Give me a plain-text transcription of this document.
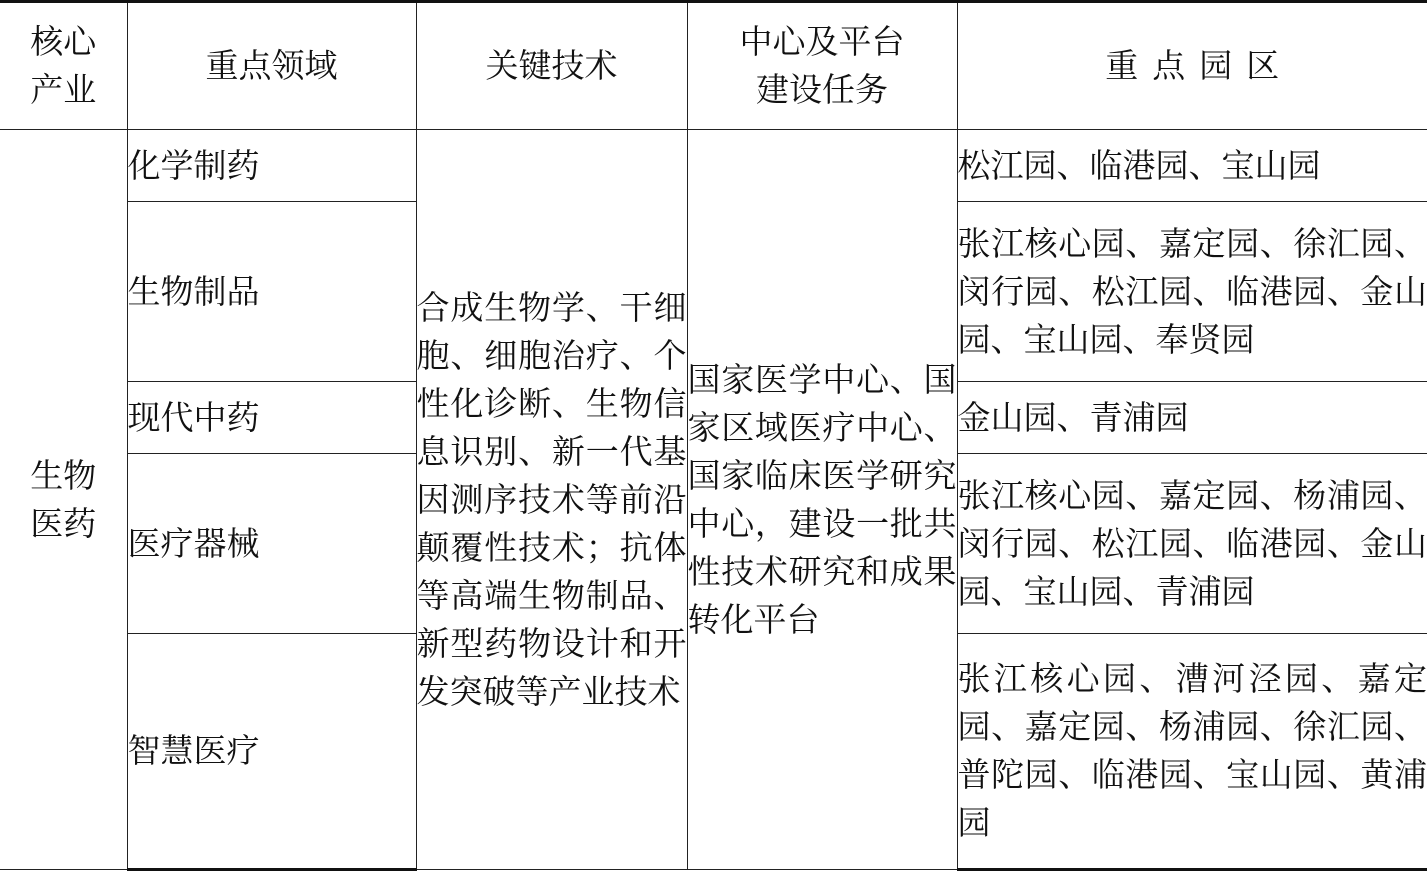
核心产业	重点领域	关键技术	中心及平台建设任务	重点园区
生物医药	化学制药	合成生物学、干细胞、细胞治疗、个性化诊断、生物信息识别、新一代基因测序技术等前沿颠覆性技术；抗体等高端生物制品、新型药物设计和开发突破等产业技术	国家医学中心、国家区域医疗中心、国家临床医学研究中心，建设一批共性技术研究和成果转化平台	松江园、临港园、宝山园
	生物制品			张江核心园、嘉定园、徐汇园、闵行园、松江园、临港园、金山园、宝山园、奉贤园
	现代中药			金山园、青浦园
	医疗器械			张江核心园、嘉定园、杨浦园、闵行园、松江园、临港园、金山园、宝山园、青浦园
	智慧医疗			张江核心园、漕河泾园、嘉定园、嘉定园、杨浦园、徐汇园、普陀园、临港园、宝山园、黄浦园
